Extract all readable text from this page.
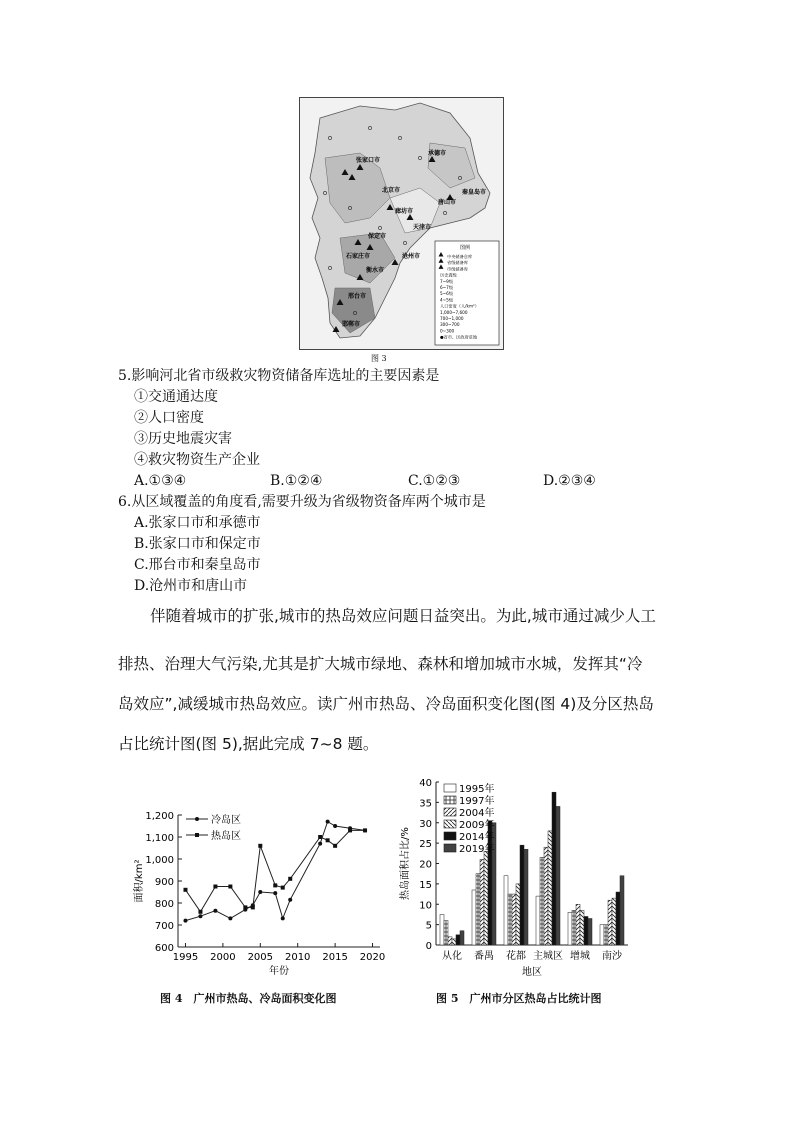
张家口市
承德市
北京市	秦皇岛市
唐山市
天津市
廊坊市
保定市
沧州市
衡水市
邢台市
邯郸市
石家庄市	中央储备仓库
省级储备库
市级储备库
历史震级
7~9级
6~7级
5~6级
4~5级
人口密度（人/km²）
1,000~7,600
700~1,000
300~700
0~300
●省市、区政府驻地
图例
图 3
5.影响河北省市级救灾物资储备库选址的主要因素是
①交通通达度
②人口密度
③历史地震灾害
④救灾物资生产企业
A.①③④	B.①②④	C.①②③	D.②③④
6.从区域覆盖的角度看,需要升级为省级物资备库两个城市是
A.张家口市和承德市
B.张家口市和保定市
C.邢台市和秦皇岛市
D.沧州市和唐山市
伴随着城市的扩张,城市的热岛效应问题日益突出。为此,城市通过减少人工
排热、治理大气污染,尤其是扩大城市绿地、森林和增加城市水城，发挥其“冷
岛效应”,减缓城市热岛效应。读广州市热岛、冷岛面积变化图(图 4)及分区热岛
占比统计图(图 5),据此完成 7~8 题。
600
700
800
900
1,000
1,100
1,200
1995 2000 2005 2010 2015 2020
年份
面积/km²
冷岛区
热岛区
图 4　广州市热岛、冷岛面积变化图
0
5
10
15
20
25
30
35
40
热岛面积占比/%
从化 番禺 花都 主城区 增城 南沙
地区
1995年
1997年
2004年
2009年
2014年
2019年
图 5　广州市分区热岛占比统计图
